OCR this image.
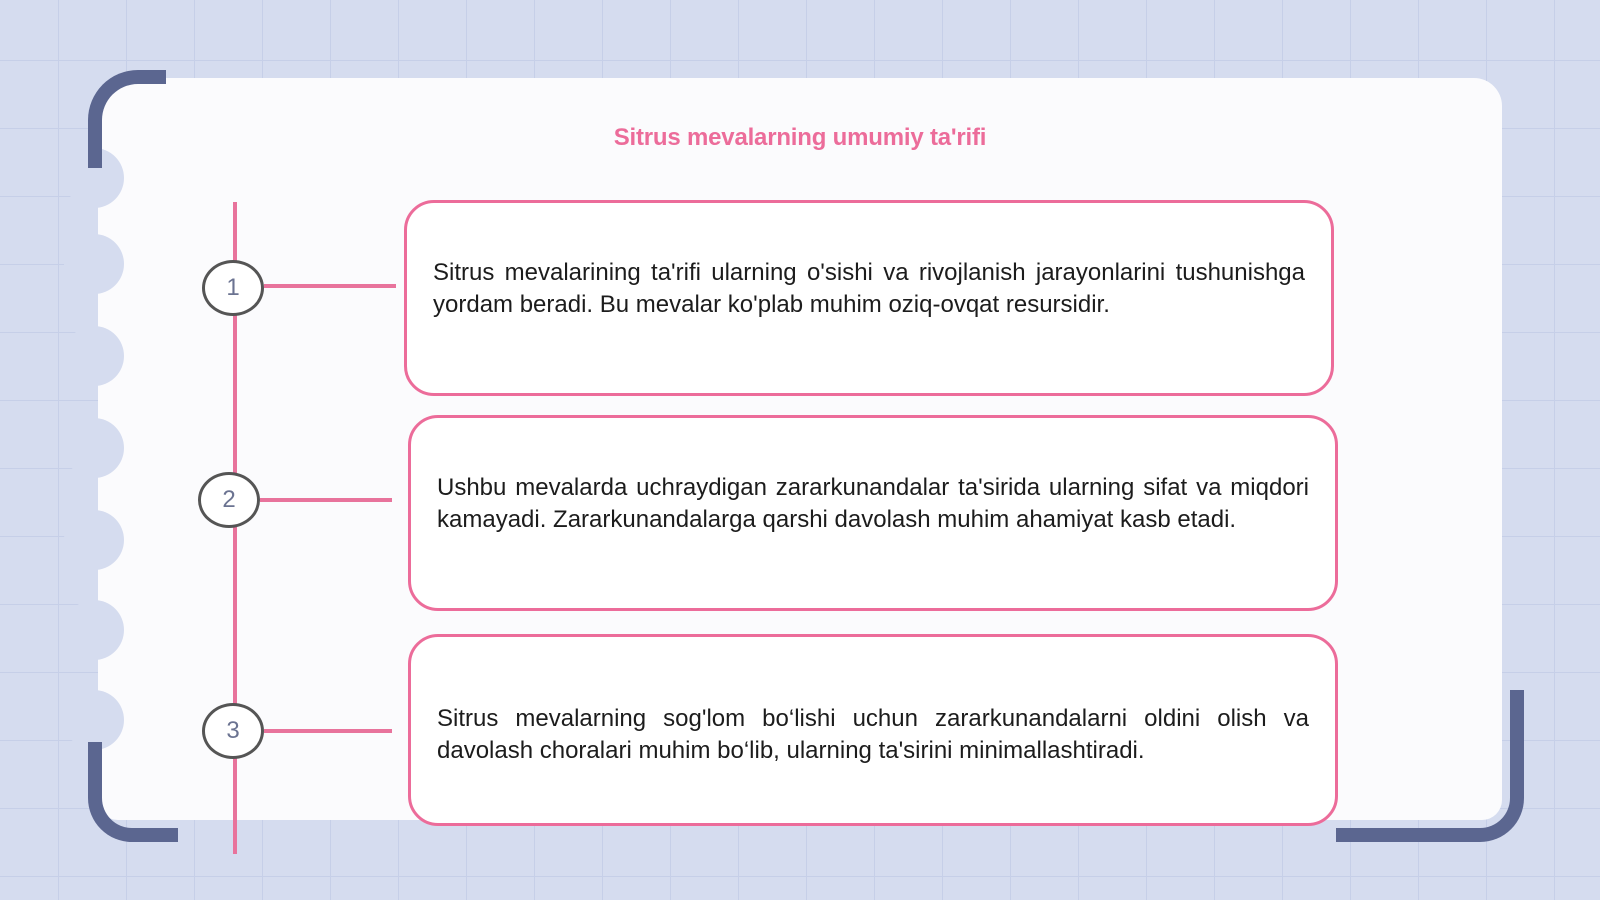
Sitrus mevalarning umumiy ta'rifi
1
2
3

Sitrus mevalarining ta'rifi ularning o'sishi va rivojlanish jarayonlarini tushunishga yordam beradi. Bu mevalar ko'plab muhim oziq-ovqat resursidir.

Ushbu mevalarda uchraydigan zararkunandalar ta'sirida ularning sifat va miqdori kamayadi. Zararkunandalarga qarshi davolash muhim ahamiyat kasb etadi.

Sitrus mevalarning sog'lom bo‘lishi uchun zararkunandalarni oldini olish va davolash choralari muhim bo‘lib, ularning ta'sirini minimallashtiradi.
